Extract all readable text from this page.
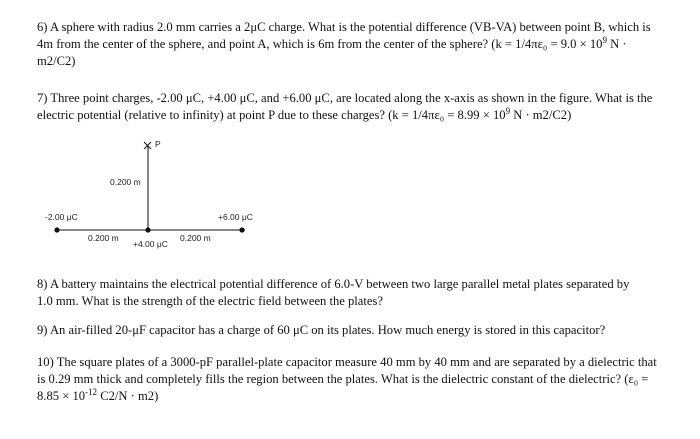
6) A sphere with radius 2.0 mm carries a 2μC charge. What is the potential difference (VB-VA) between point B, which is
4m from the center of the sphere, and point A, which is 6m from the center of the sphere? ($k = 1/4\pi\varepsilon_0 = 9.0 \times 10^9$ N ·
m2/C2)
7) Three point charges, -2.00 μC, +4.00 μC, and +6.00 μC, are located along the x-axis as shown in the figure. What is the
electric potential (relative to infinity) at point P due to these charges? ($k = 1/4\pi\varepsilon_0 = 8.99 \times 10^9$ N · m2/C2)
P
0.200 m
-2.00 μC	+6.00 μC
+4.00 μC
0.200 m	0.200 m
8) A battery maintains the electrical potential difference of 6.0-V between two large parallel metal plates separated by
1.0 mm. What is the strength of the electric field between the plates?
9) An air-filled 20-μF capacitor has a charge of 60 μC on its plates. How much energy is stored in this capacitor?
10) The square plates of a 3000-pF parallel-plate capacitor measure 40 mm by 40 mm and are separated by a dielectric that
is 0.29 mm thick and completely fills the region between the plates. What is the dielectric constant of the dielectric? (ε₀ =
$8.85 \times 10^{-12}$ C2/N · m2)
